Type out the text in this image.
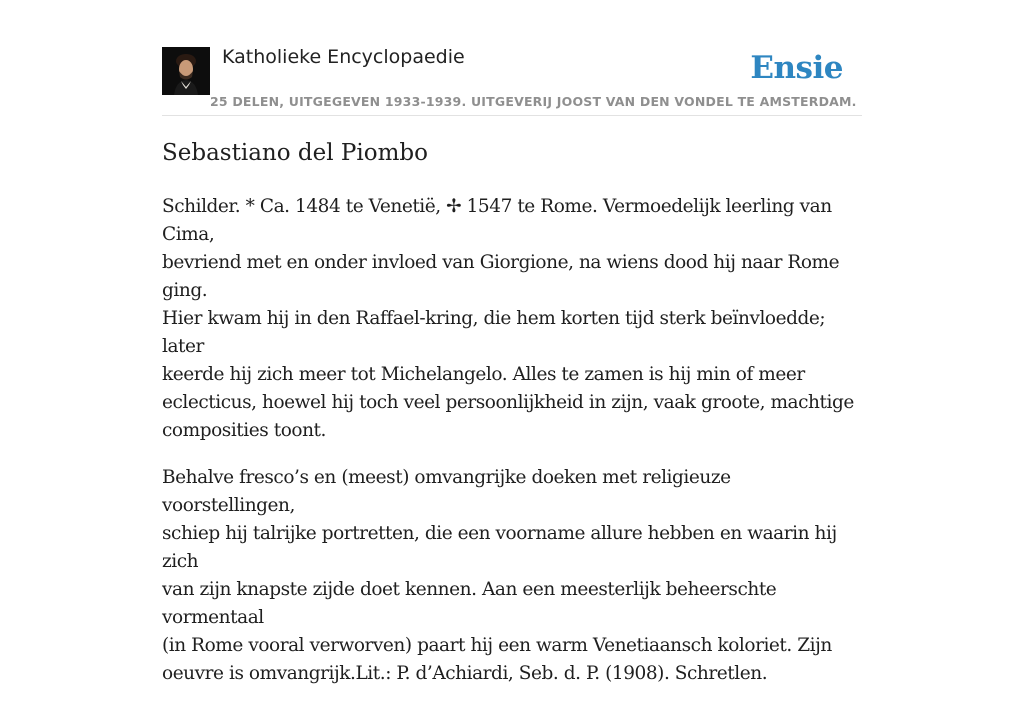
Katholieke Encyclopaedie
25 DELEN, UITGEGEVEN 1933-1939. UITGEVERIJ JOOST VAN DEN VONDEL TE AMSTERDAM.
Ensie
Sebastiano del Piombo

Schilder. * Ca. 1484 te Venetië, ✢ 1547 te Rome. Vermoedelijk leerling van Cima,
bevriend met en onder invloed van Giorgione, na wiens dood hij naar Rome ging.
Hier kwam hij in den Raffael-kring, die hem korten tijd sterk beïnvloedde; later
keerde hij zich meer tot Michelangelo. Alles te zamen is hij min of meer
eclecticus, hoewel hij toch veel persoonlijkheid in zijn, vaak groote, machtige
composities toont.

Behalve fresco’s en (meest) omvangrijke doeken met religieuze voorstellingen,
schiep hij talrijke portretten, die een voorname allure hebben en waarin hij zich
van zijn knapste zijde doet kennen. Aan een meesterlijk beheerschte vormentaal
(in Rome vooral verworven) paart hij een warm Venetiaansch koloriet. Zijn
oeuvre is omvangrijk.Lit.: P. d’Achiardi, Seb. d. P. (1908). Schretlen.
